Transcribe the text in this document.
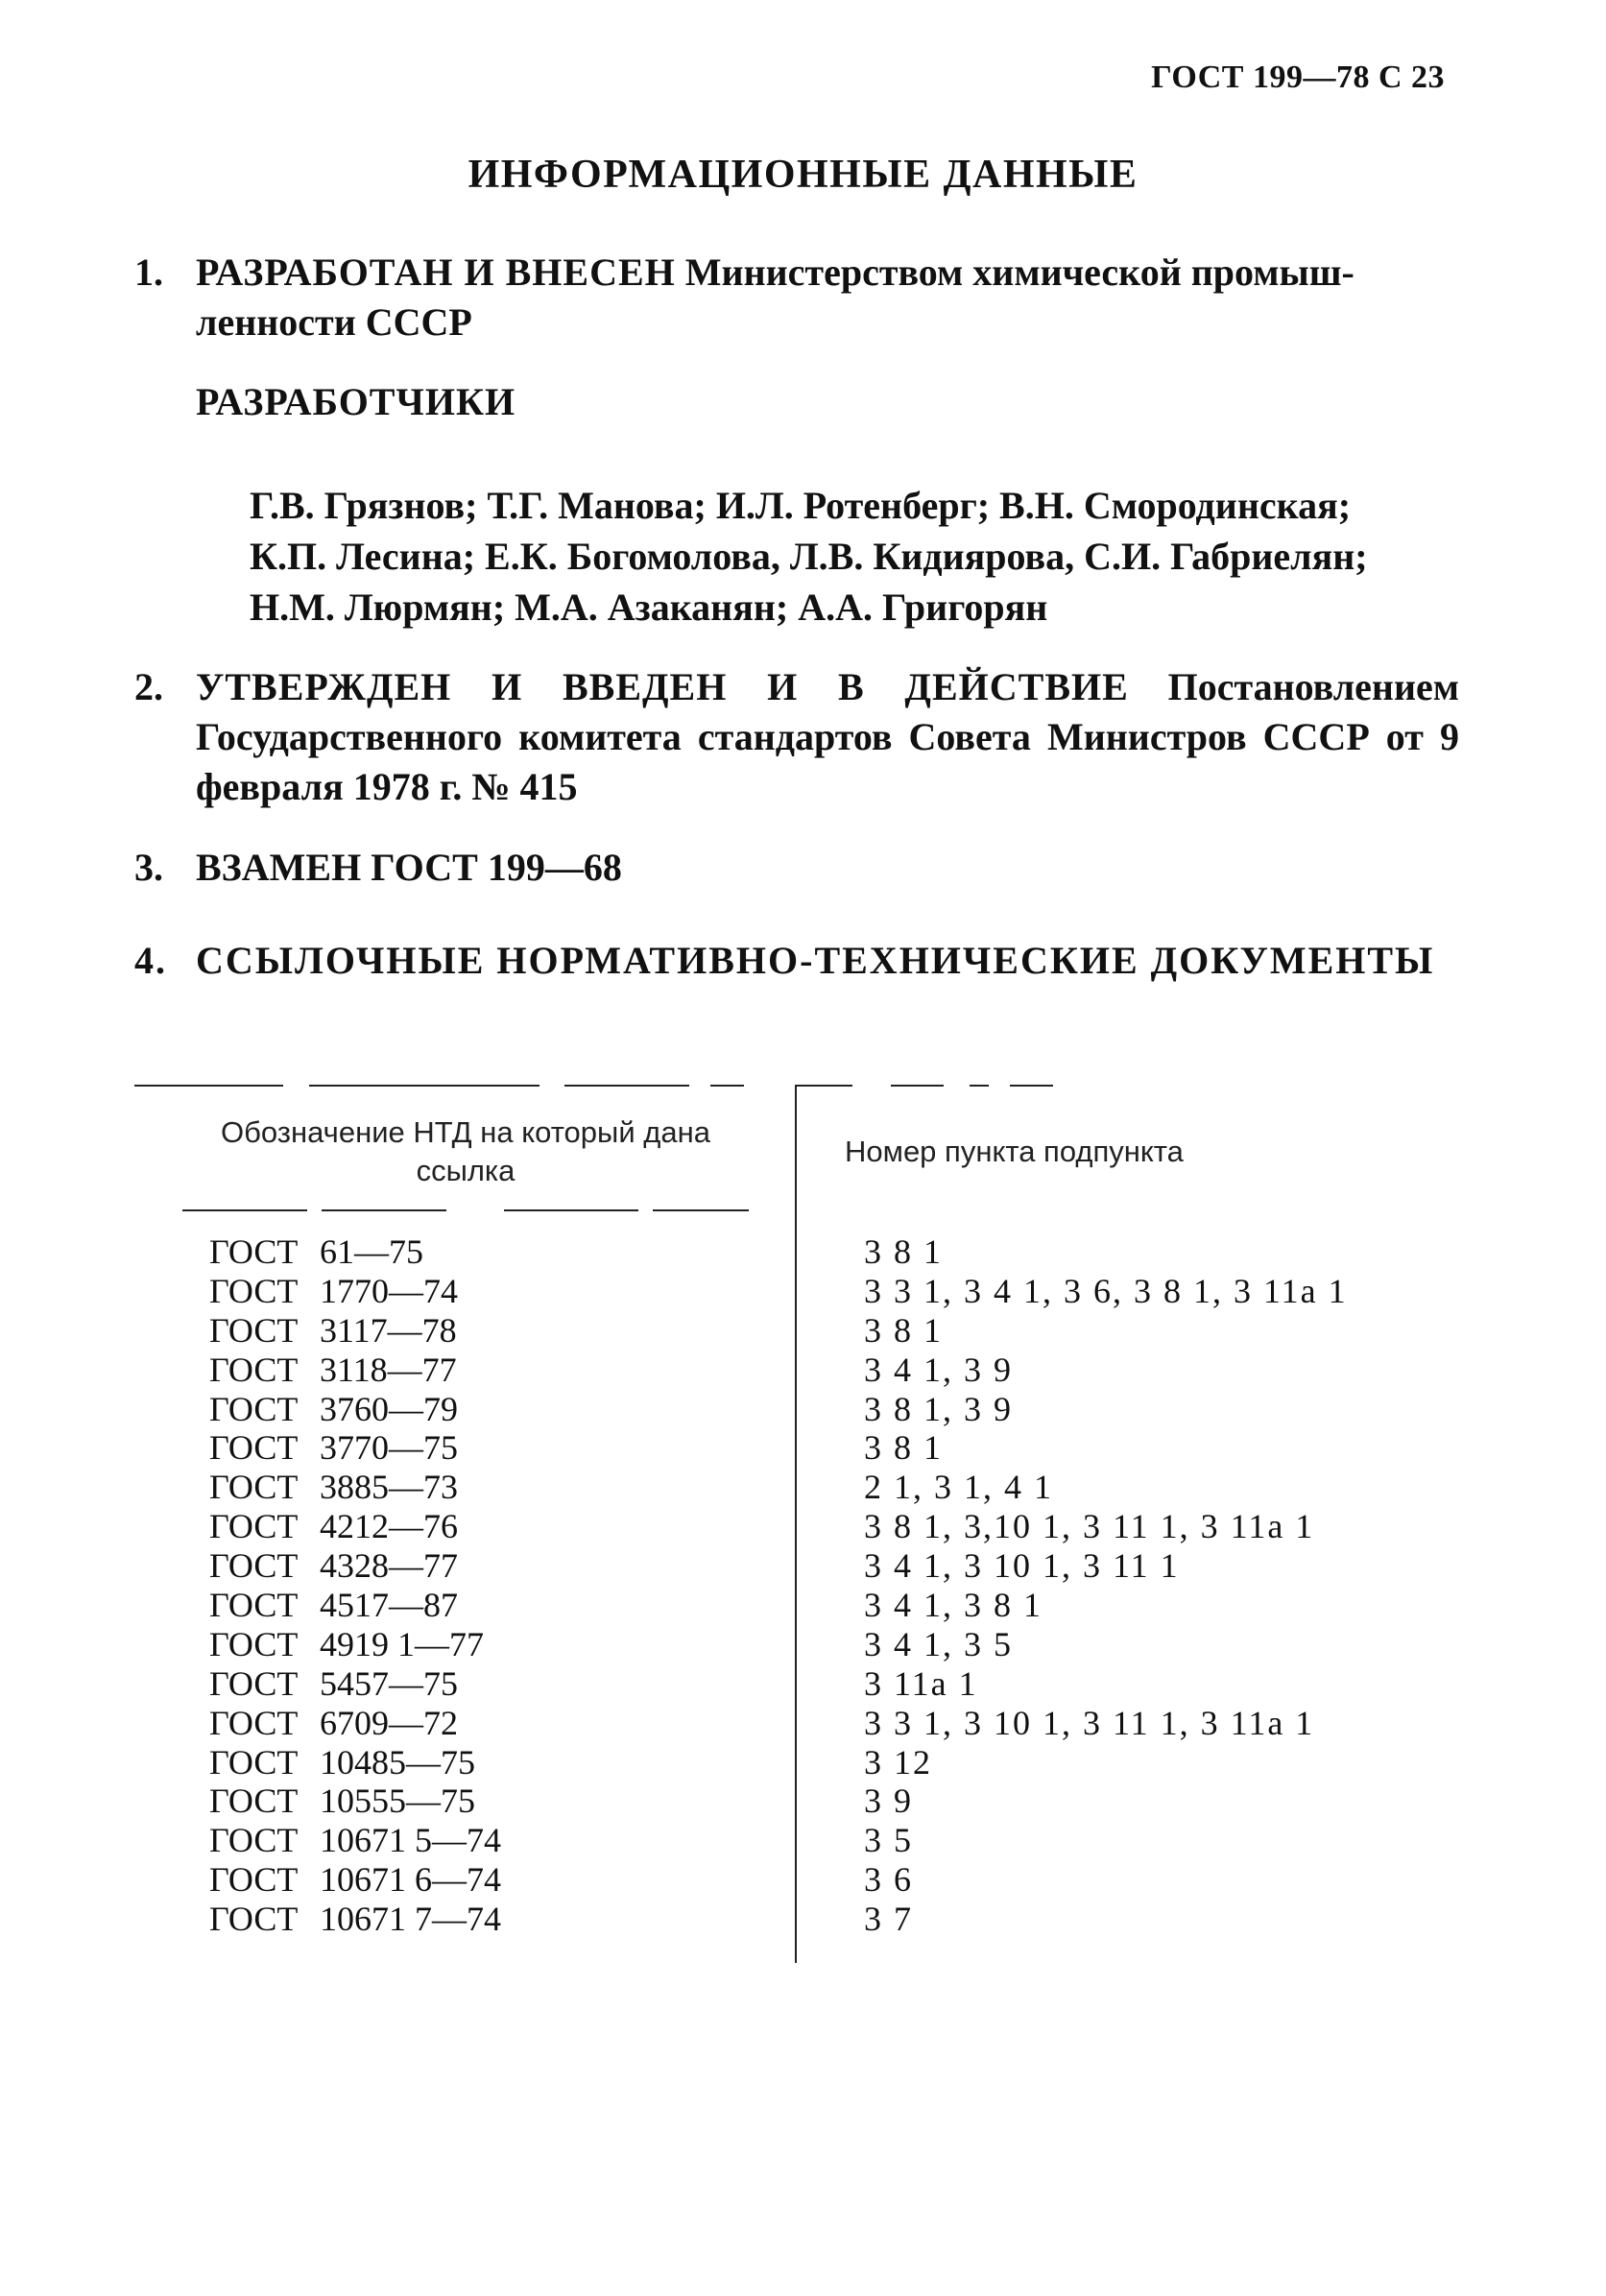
ГОСТ 199—78 С 23
ИНФОРМАЦИОННЫЕ ДАННЫЕ
1. РАЗРАБОТАН И ВНЕСЕН Министерством химической промыш-
ленности СССР
РАЗРАБОТЧИКИ
Г.В. Грязнов; Т.Г. Манова; И.Л. Ротенберг; В.Н. Смородинская;
К.П. Лесина; Е.К. Богомолова, Л.В. Кидиярова, С.И. Габриелян;
Н.М. Люрмян; М.А. Азаканян; А.А. Григорян
2. УТВЕРЖДЕН И ВВЕДЕН И В ДЕЙСТВИЕ Постановлением Государственного комитета стандартов Совета Министров СССР от 9 февраля 1978 г. № 415
3. ВЗАМЕН ГОСТ 199—68
4. ССЫЛОЧНЫЕ НОРМАТИВНО-ТЕХНИЧЕСКИЕ ДОКУМЕНТЫ
Обозначение НТД на который дана ссылка
Номер пункта подпункта
ГОСТ 61—75	3 8 1
ГОСТ 1770—74	3 3 1, 3 4 1, 3 6, 3 8 1, 3 11а 1
ГОСТ 3117—78	3 8 1
ГОСТ 3118—77	3 4 1, 3 9
ГОСТ 3760—79	3 8 1, 3 9
ГОСТ 3770—75	3 8 1
ГОСТ 3885—73	2 1, 3 1, 4 1
ГОСТ 4212—76	3 8 1, 3,10 1, 3 11 1, 3 11а 1
ГОСТ 4328—77	3 4 1, 3 10 1, 3 11 1
ГОСТ 4517—87	3 4 1, 3 8 1
ГОСТ 4919 1—77	3 4 1, 3 5
ГОСТ 5457—75	3 11а 1
ГОСТ 6709—72	3 3 1, 3 10 1, 3 11 1, 3 11а 1
ГОСТ 10485—75	3 12
ГОСТ 10555—75	3 9
ГОСТ 10671 5—74	3 5
ГОСТ 10671 6—74	3 6
ГОСТ 10671 7—74	3 7
